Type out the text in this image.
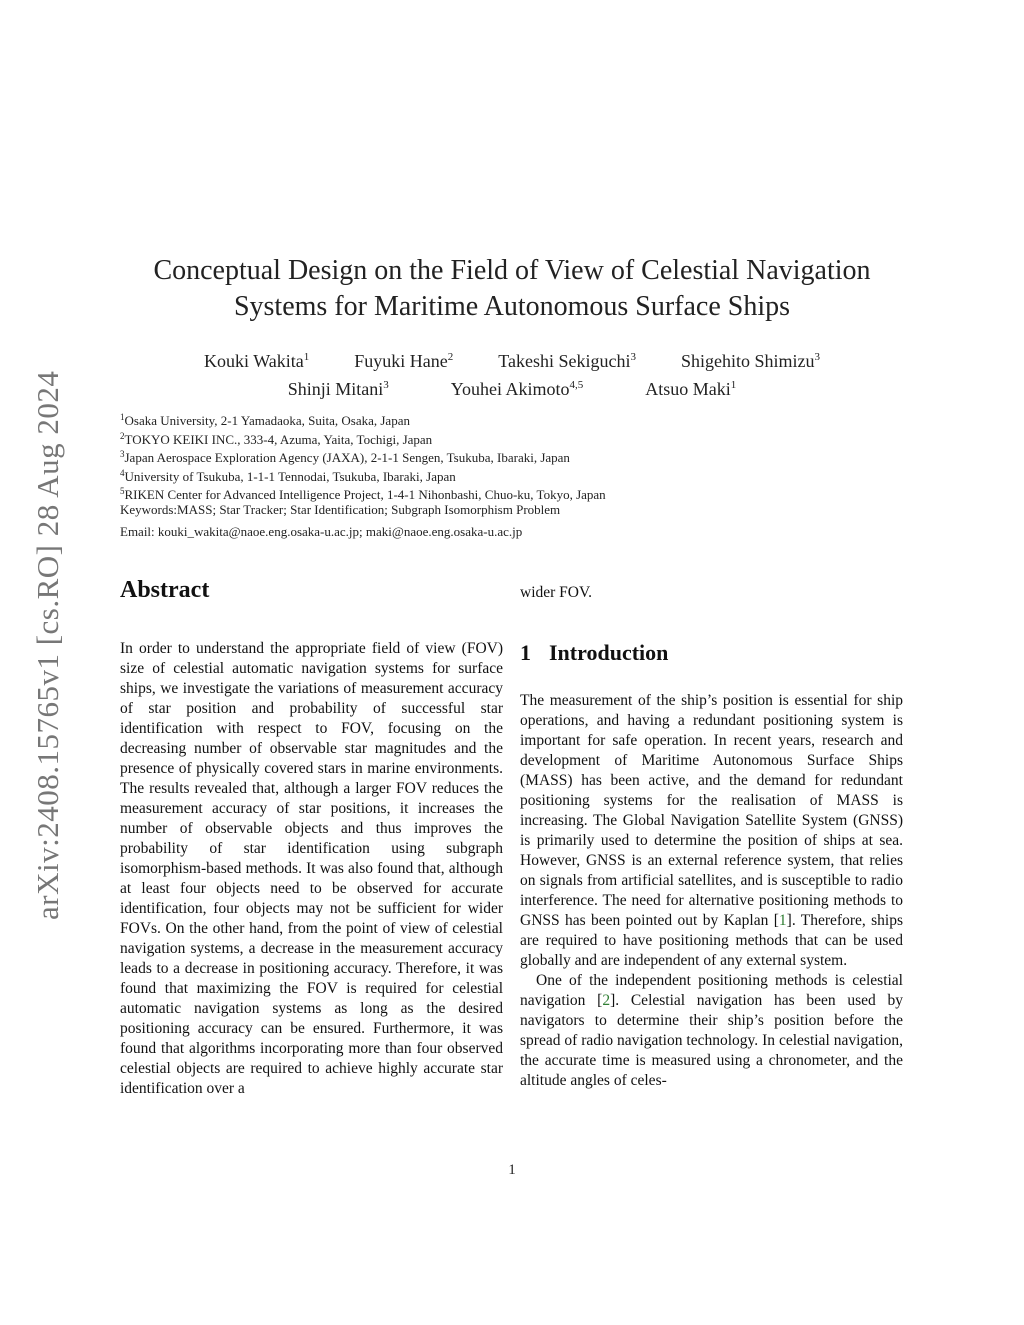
arXiv:2408.15765v1 [cs.RO] 28 Aug 2024
Conceptual Design on the Field of View of Celestial Navigation
Systems for Maritime Autonomous Surface Ships
Kouki Wakita$^1$	Fuyuki Hane$^2$	Takeshi Sekiguchi$^3$	Shigehito Shimizu$^3$
Shinji Mitani$^3$	Youhei Akimoto$^{4,5}$	Atsuo Maki$^1$
$^1$Osaka University, 2-1 Yamadaoka, Suita, Osaka, Japan
$^2$TOKYO KEIKI INC., 333-4, Azuma, Yaita, Tochigi, Japan
$^3$Japan Aerospace Exploration Agency (JAXA), 2-1-1 Sengen, Tsukuba, Ibaraki, Japan
$^4$University of Tsukuba, 1-1-1 Tennodai, Tsukuba, Ibaraki, Japan
$^5$RIKEN Center for Advanced Intelligence Project, 1-4-1 Nihonbashi, Chuo-ku, Tokyo, Japan
Keywords:MASS; Star Tracker; Star Identification; Subgraph Isomorphism Problem
Email: kouki_wakita@naoe.eng.osaka-u.ac.jp; maki@naoe.eng.osaka-u.ac.jp
Abstract

In order to understand the appropriate field of view (FOV) size of celestial automatic navigation systems for surface ships, we investigate the variations of measurement accuracy of star position and probability of successful star identification with respect to FOV, focusing on the decreasing number of observable star magnitudes and the presence of physically covered stars in marine environments. The results revealed that, although a larger FOV reduces the measurement accuracy of star positions, it increases the number of observable objects and thus improves the probability of star identification using subgraph isomorphism-based methods. It was also found that, although at least four objects need to be observed for accurate identification, four objects may not be sufficient for wider FOVs. On the other hand, from the point of view of celestial navigation systems, a decrease in the measurement accuracy leads to a decrease in positioning accuracy. Therefore, it was found that maximizing the FOV is required for celestial automatic navigation systems as long as the desired positioning accuracy can be ensured. Furthermore, it was found that algorithms incorporating more than four observed celestial objects are required to achieve highly accurate star identification over a

wider FOV.

1 Introduction

The measurement of the ship’s position is essential for ship operations, and having a redundant positioning system is important for safe operation. In recent years, research and development of Maritime Autonomous Surface Ships (MASS) has been active, and the demand for redundant positioning systems for the realisation of MASS is increasing. The Global Navigation Satellite System (GNSS) is primarily used to determine the position of ships at sea. However, GNSS is an external reference system, that relies on signals from artificial satellites, and is susceptible to radio interference. The need for alternative positioning methods to GNSS has been pointed out by Kaplan [1]. Therefore, ships are required to have positioning methods that can be used globally and are independent of any external system.

One of the independent positioning methods is celestial navigation [2]. Celestial navigation has been used by navigators to determine their ship’s position before the spread of radio navigation technology. In celestial navigation, the accurate time is measured using a chronometer, and the altitude angles of celes-

1
